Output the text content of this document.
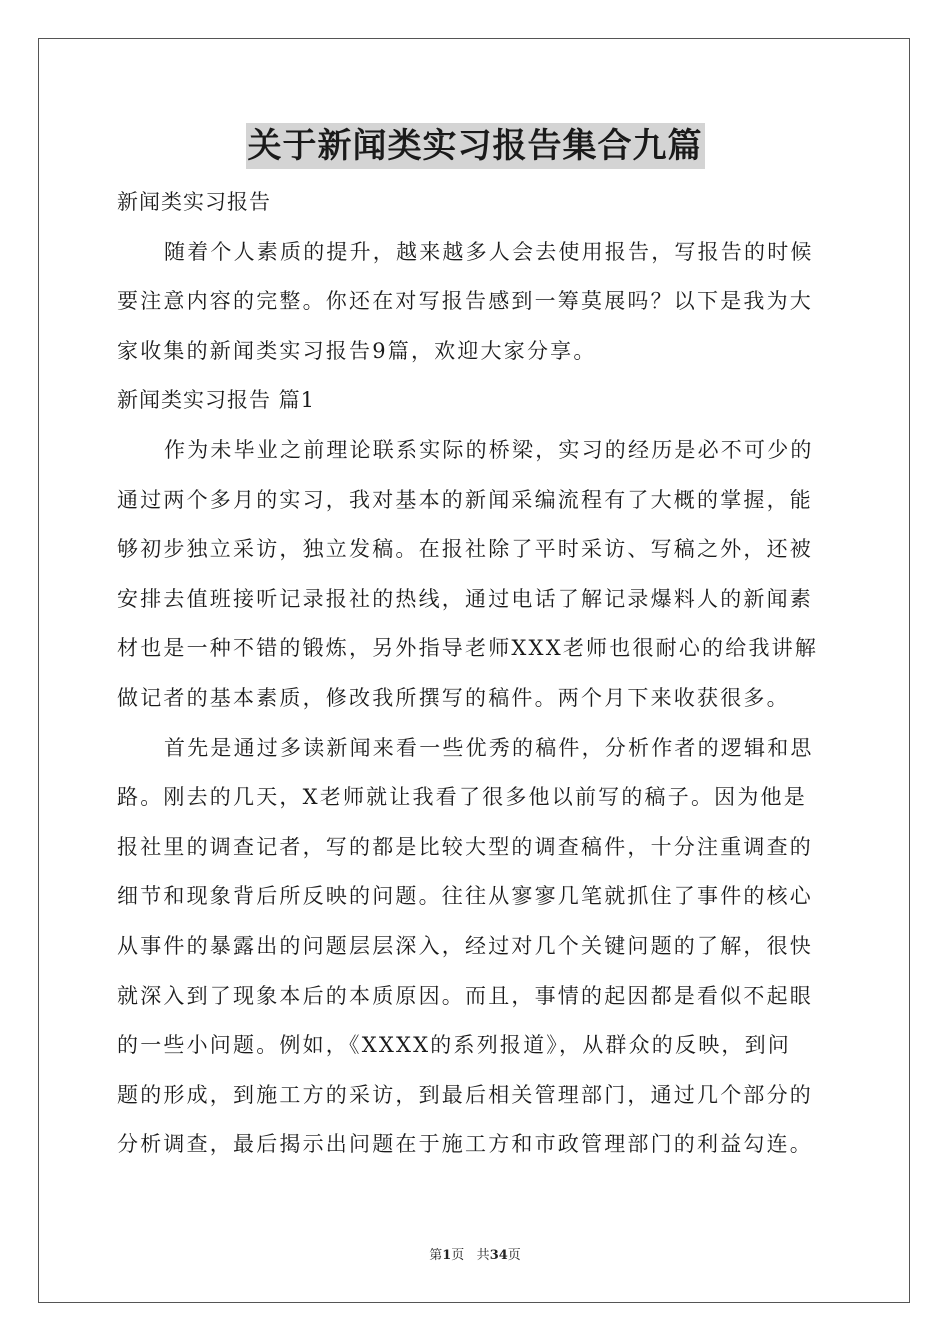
关于新闻类实习报告集合九篇
新闻类实习报告
随着个人素质的提升，越来越多人会去使用报告，写报告的时候
要注意内容的完整。你还在对写报告感到一筹莫展吗？以下是我为大
家收集的新闻类实习报告9篇，欢迎大家分享。
新闻类实习报告 篇1
作为未毕业之前理论联系实际的桥梁，实习的经历是必不可少的
通过两个多月的实习，我对基本的新闻采编流程有了大概的掌握，能
够初步独立采访，独立发稿。在报社除了平时采访、写稿之外，还被
安排去值班接听记录报社的热线，通过电话了解记录爆料人的新闻素
材也是一种不错的锻炼，另外指导老师XXX老师也很耐心的给我讲解
做记者的基本素质，修改我所撰写的稿件。两个月下来收获很多。
首先是通过多读新闻来看一些优秀的稿件，分析作者的逻辑和思
路。刚去的几天，X老师就让我看了很多他以前写的稿子。因为他是
报社里的调查记者，写的都是比较大型的调查稿件，十分注重调查的
细节和现象背后所反映的问题。往往从寥寥几笔就抓住了事件的核心
从事件的暴露出的问题层层深入，经过对几个关键问题的了解，很快
就深入到了现象本后的本质原因。而且，事情的起因都是看似不起眼
的一些小问题。例如，《XXXX的系列报道》，从群众的反映，到问
题的形成，到施工方的采访，到最后相关管理部门，通过几个部分的
分析调查，最后揭示出问题在于施工方和市政管理部门的利益勾连。
第1页 共34页
